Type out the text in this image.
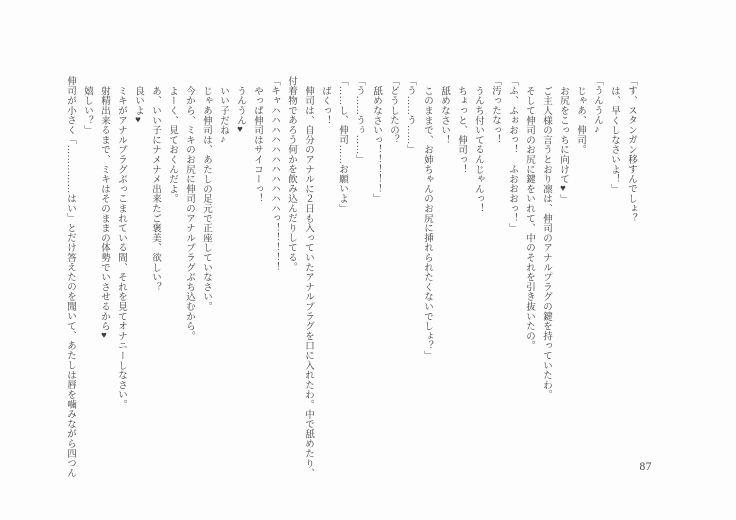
「す、スタンガン移すんでしょ？

は、早くしなさいよ！」

「うんうん♪

じゃあ、伸司。

お尻をこっちに向けて♥」

ご主人様の言うとおり凛は、伸司のアナルプラグの鍵を持っていたわ。

そして伸司のお尻に鍵をいれて、中のそれを引き抜いたの。

「ふ、ふぉおっ！　ふおおおっ！」

「汚ったなっ！

うんち付いてるんじゃんっ！

ちょっと、伸司っ！

舐めなさい！

このままで、お姉ちゃんのお尻に挿れられたくないでしょ？」

「う……う……」

「どうしたの？

舐めなさいっ！！！！！」

「う……うぅ……」

「……し、伸司……お願いよ」

ばくっ！

伸司は、自分のアナルに２日も入っていたアナルプラグを口に入れたわ。中で舐めたり、

付着物であろう何かを飲み込んだりしてる。

「キャハハハハハハハハハハハっ！！！！！

やっぱ伸司はサイコーっ！

うんうん♥

いい子だね♪

じゃあ伸司は、あたしの足元で正座していなさい。

今から、ミキのお尻に伸司のアナルプラグぶち込むから。

よーく、見ておくんだよ。

あ、いい子にナメナメ出来たご褒美、欲しい？

良いよ♥

ミキがアナルプラグぶっこまれている間、それを見てオナニーしなさい。

射精出来るまで、ミキはそのままの体勢でいさせるから♥

嬉しい？」

伸司が小さく「……………はい」とだけ答えたのを聞いて、あたしは唇を噛みながら四つん	87
